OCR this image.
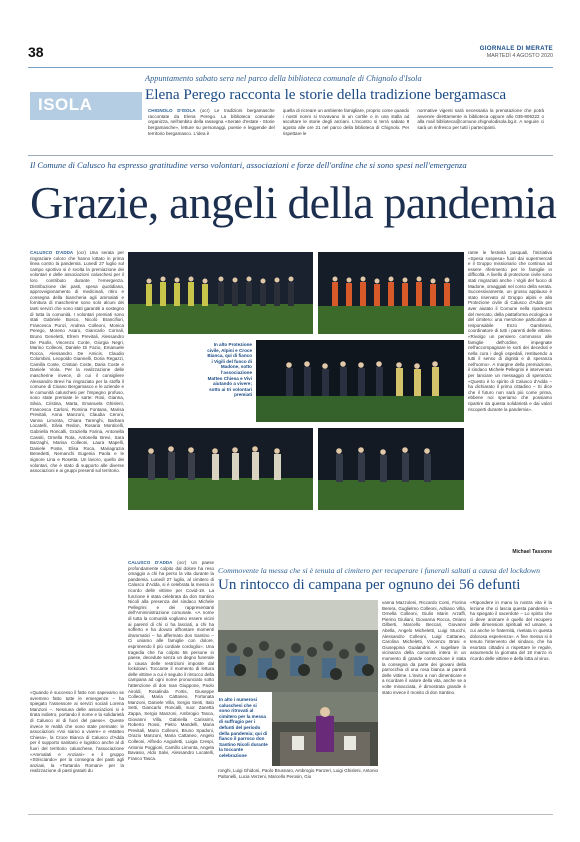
38	GIORNALE DI MERATE
MARTEDÌ 4 AGOSTO 2020
ISOLA
Appuntamento sabato sera nel parco della biblioteca comunale di Chignolo d'Isola
Elena Perego racconta le storie della tradizione bergamasca

CHIGNOLO D'ISOLA (ocr) Le tradizioni bergamasche raccontate da Elena Perego. La biblioteca comunale organizza, nell'ambito della rassegna «Serate d'estate - Storie bergamasche», letture su personaggi, poesie e leggende del territorio bergamasco. L'idea è

quella di ricreare un ambiente famigliare, proprio come quando i nostri nonni si trovavano in un cortile o in una stalla ad ascoltare le storie degli anziani. L'incontro si terrà sabato 8 agosto alle ore 21 nel parco della biblioteca di Chignolo. Per rispettare le

normative vigenti sarà necessaria la prenotazione che potrà avvenire direttamente in biblioteca oppure allo 035-906222 o alla mail biblioteca@comune.chignolodisola.bg.it. A seguire ci sarà un rinfresco per tutti i partecipanti.

Il Comune di Calusco ha espresso gratitudine verso volontari, associazioni e forze dell'ordine che si sono spesi nell'emergenza
Grazie, angeli della pandemia
CALUSCO D'ADDA (ocr) Una serata per ringraziare coloro che hanno lottato in prima linea contro la pandemia. Lunedì 27 luglio sul campo sportivo si è svolta la premiazione dei volontari e delle associazioni caluschesi per il loro contributo durante l'emergenza. Distribuzione dei pasti, spesa quotidiana, approvvigionamento di medicinali, ritiro e consegna della biancheria agli ammalati e fornitura di mascherine sono solo alcuni dei tanti servizi che sono stati garantiti a sostegno di tutta la comunità. I volontari premiati sono stati Gabriele Bosco, Nicolò Brancifiori, Francesca Punzi, Andrea Colleoni, Monica Perego, Moreno Asaro, Giancarlo Cornali, Bruno Geneletti, Efrem Previtali, Alessandro De Paolis, Vincenzo Conte, Giorgia Negri, Marino Colleoni, Daniele Di Fazio, Emanuele Rocca, Alessandro De Amicis, Claudio Colombini, Leopoldo Giannelli, Doria Regazzi, Camilla Coste, Cristian Coste, Daria Coste e Daniele Viola. Per la realizzazione delle mascherine invece, di cui il consigliere Alessandro Brevi ha ringraziato per la stoffa il comune di Cisano Bergamasco e le aziende e le comunità caluschesi per l'impegno profuso, sono state premiate le sarte: Rosi, Gianna, Silvia, Cristina, Marta, Emanuela Ghislenì, Francesca Carloni, Romina Fontana, Marisa Previtali, Anna Manzoni, Claudia Ceroni, Vanna Limonta, Chiara Tarenghi, Barbara Locatelli, Silvia Redon, Rosaria Monticelli, Gabriella Roncalli, Graziella Farina, Antonella Cassiti, Ornella Rota, Antonella Brevi, Sara Barzaghi, Marisa Colleoni, Laura Mapelli, Daniele Poste, Elisa Roca, Mariagrazia Benedetti, Nemanchi Eugenia Paola e le signore Lina e Rosetta. Un lavoro, quello dei volontari, che è stato di supporto alle diverse associazioni e ai gruppi presenti sul territorio.
«Quando è successo il fatto non sapevamo se avremmo fatto tutte le emergenze – ha spiegato l'assessore ai servizi sociali Lorena Manzoni –. Nessuna delle associazioni si è tirata indietro, portando il nome e la solidarietà di Calusco al di fuori del paese». Queste invece le realtà che sono state premiate: le associazioni «Voi siamo a vivere» e «Matteo Chiesa», la Croce Bianca di Calusco d'Adda per il supporto sanitario e logistico anche al di fuori del territorio caluschese, l'associazione «Ammalati e Anziani» e il gruppo «Strisciando» per la consegna dei pasti agli anziani, la «Tartarola Romani» per la realizzazione di pasti gratuiti du
In alto Protezione civile, Alpini e Croce Bianca, qui di fianco i Vigili del fuoco di Madone, sotto l'associazione Matteo Chiesa e Vivi aiutando a vivere; sotto ai tri volontari premiati
rante le festività pasquali, l'iniziativa «Spesa sospesa» fuori dai supermercati e il Gruppo missionario che continua ad essere riferimento per le famiglie in difficoltà. A livello di protezione civile sono stati ringraziati anche i Vigili del fuoco di Madone, omaggiati nel corso della serata. Successivamente, un grosso applauso è stato riservato al Gruppo alpini e alla Protezione civile di Calusco d'Adda per aver aiutato il Comune nella ripartenza del mercato, della piattaforma ecologica e del cimitero: una menzione particolare al responsabile Enzo Gambirasi, coordinatore di tutti i parenti delle vittime. «Rivolgo un pensiero commosso alle famiglie dell'ordine, impegnate nell'accompagnare le sorti dei deceduti e nella cura i degli ospedali, restituendo a tutti il senso di dignità e di speranza nell'uomo». A margine della premiazione, il sindaco Michele Pellegrini è intervenuto per lanciare un messaggio di speranza: «Questo è lo spirito di Calusco d'Adda – ha dichiarato il primo cittadino – Si dice che il futuro non sarà più come prima, ebbene noi speriamo che possiamo ripartire da questa solidarietà e dai valori riscoperti durante la pandemia».
Michael Tassone
Commovente la messa che si è tenuta al cimitero per recuperare i funerali saltati a causa del lockdown
Un rintocco di campana per ognuno dei 56 defunti
CALUSCO D'ADDA (ocr) Un paese profondamente colpito dal dolore ha reso omaggio a chi ha perso la vita durante la pandemia. Lunedì 27 luglio, al cimitero di Calusco d'Adda, si è celebrata la messa in ricordo delle vittime per Covid-19. La funzione è stata celebrata da don Santino Nicoli alla presenza del sindaco Michele Pellegrini e dei rappresentanti dell'Amministrazione comunale. «A nome di tutta la comunità vogliamo essere vicini ai parenti di chi ci ha lasciati, a chi ha sofferto e ha dovuto affrontare momenti drammatici – ha affermato don Santino – Ci uniamo alle famiglie con dolore, esprimendo il più cordiale cordoglio». Una tragedia che ha colpito 56 persone in paese, decedute senza un degno funerale a causa delle restrizioni imposte dal lockdown. Toccante il momento di lettura delle vittime a cui è seguito il rintocco della campana ad ogni nome pronunciato sotto l'attenzione di don Ivan Giuppone, Paolo Airoldi, Rosalinda Fortis, Giuseppe Colleoni, Maria Cattaneo, Fortunata Manzoni, Daniele Villa, Sergio Senti, Italo Setti, Giancarlo Roncalli, suor Zanetta Zappa, Sergio Manzoni, Ambrogio Tasca, Giovanni Villa, Gabriella Carissimi, Roberto Rossi, Pietro Mandelli, Maria Previtali, Mario Colleoni, Bruno Spadoni, Orazio Manzoni, Maria Cattaneo, Angelo Colleoni, Alfredo Angioletti, Luigia Crespi, Antonio Poggioni, Camillo Limonta, Angela Bavasio, Aldo Salvi, Alessandro Locatelli, Franco Tasca.
In alto i numerosi caluschesi che si sono ritrovati al cimitero per la messa di suffragio per i defunti del periodo della pandemia; qui di fianco il parroco don Santino Nicoli durante la toccante celebrazione
ronghi, Luigi Ghidoni, Paolo Brusnaro, Ambrogio Panzeri, Luigi Ghisleni, Antonio Paltonelli, Lucia Verzeni, Marcello Perosin, Gio
vanna Mazzoleni, Riccardo Comi, Fiorina Berera, Guglielmo Colleoni, Adriano Villa, Ornella Colleoni, Giulio Marin Arzaffi, Pierino Giuliani, Giovanna Rocca, Oriano Gilberti, Marcello Beccari, Giovanni Abella, Angelo Micheletti, Luigi Stucchi, Alessandro Colleoni, Luigi Cattaneo, Carolina Micheletti, Vincenzo Brasi e Giuseppina Gualandris. A sugellare la vicinanza della comunità intera in un momento di grande commozione è stata la consegna da parte dei giovani della parrocchia di una rosa bianca ai parenti delle vittime. L'invito a non dimenticare e a ricordare il valore della vita, anche se a volte minacciata, è dimostrata grande è stato invece il monito di don Santino.
«Ripondere in mano la nostra vita è la lezione che ci lascia questa pandemia – ha spiegato il sacerdote – Lo spirito che ci deve animare è quello del recupero delle dimensioni spirituali ed umane, a cui anche le fraternità, rivelata in questa dolorosa esperienza». A fine messa si è tenuto l'intervento del sindaco, che ha esortato cittadini a rispettare le regole, assumendo la giornata del 18 marzo in ricordo delle vittime e della lotta al virus.
